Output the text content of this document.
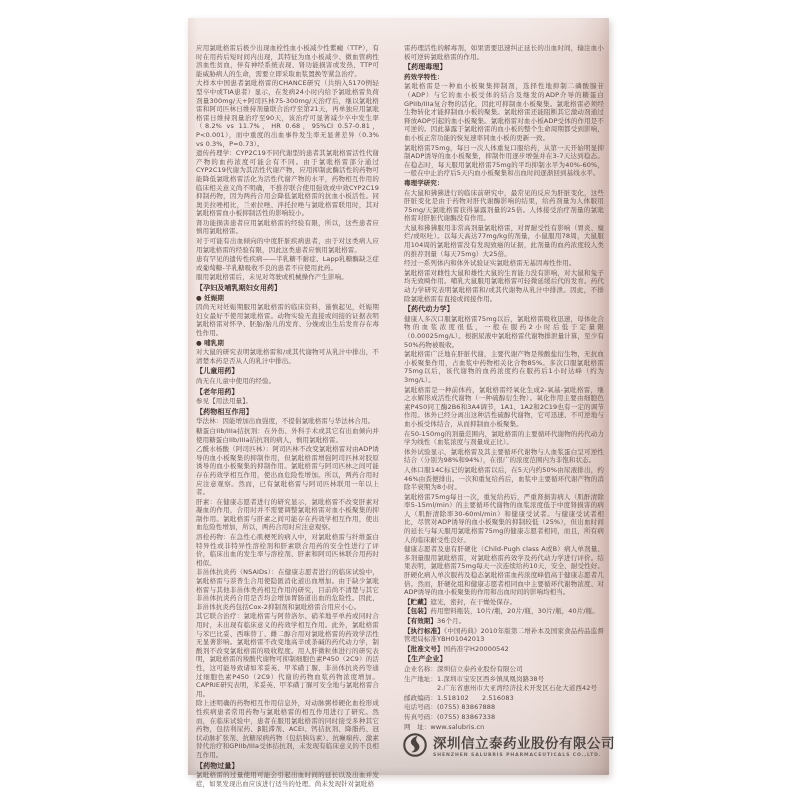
应用氯吡格雷后极少出现血栓性血小板减少性紫癜（TTP），有时在用药后短时间内出现，其特征为血小板减少、微血管病性溶血性贫血，伴有神经系统表现、肾功能损害或发热，TTP可能威胁病人的生命，需要立即采取血浆置换等紧急治疗。
大样本中国患者氯吡格雷的CHANCE研究（共纳入5170例轻型卒中或TIA患者）显示，在发病24小时内给予氯吡格雷负荷剂量300mg/天+阿司匹林75-300mg/天治疗后，继以氯吡格雷和阿司匹林日维持剂量联合治疗至第21天，再单独应用氯吡格雷日维持剂量治疗至90天，该治疗可显著减少卒中发生率（8.2% vs 11.7%，HR 0.68，95%CI 0.57-0.81，P<0.001），而中重度的出血事件发生率无显著差异（0.3% vs 0.3%，P=0.73）。
遗传药理学：CYP2C19不同代谢型的患者其氯吡格雷活性代谢产物的血药浓度可能会有不同。由于氯吡格雷部分通过CYP2C19代谢为其活性代谢产物，应用抑制此酶活性的药物可能降低氯吡格雷活化为活性代谢产物的水平，药物相互作用的临床相关意义尚不明确，不推荐联合使用强效或中效CYP2C19抑制药物，因为两药合用会降低氯吡格雷的抗血小板活性。同奥美拉唑相比，兰索拉唑、泮托拉唑与氯吡格雷联用时，其对氯吡格雷血小板抑制活性的影响较小。
肾功能损害患者应用氯吡格雷的经验有限，所以，这些患者应慎用氯吡格雷。
对于可能有出血倾向的中度肝脏疾病患者，由于对这类病人应用氯吡格雷的经验有限，因此这类患者应慎用氯吡格雷。
患有罕见的遗传性疾病——半乳糖不耐症、Lapp乳糖酶缺乏症或葡萄糖-半乳糖吸收不良的患者不应使用此药。
服用氯吡格雷后，未见对驾驶或机械操作产生影响。
【孕妇及哺乳期妇女用药】
● 妊娠期
因尚无对妊娠期服用氯吡格雷的临床资料，谨慎起见，妊娠期妇女最好不使用氯吡格雷。动物实验无直接或间接的证据表明氯吡格雷对怀孕、胚胎/胎儿的发育、分娩或出生后发育存在毒性作用。
● 哺乳期
对大鼠的研究表明氯吡格雷和/或其代谢物可从乳汁中排出，不清楚本药是否从人的乳汁中排出。
【儿童用药】
尚无在儿童中使用的经验。
【老年用药】
参见【用法用量】。
【药物相互作用】
华法林：因能增加出血强度，不提倡氯吡格雷与华法林合用。
糖蛋白IIb/IIIa拮抗剂：在外伤、外科手术或其它有出血倾向并使用糖蛋白IIb/IIIa拮抗剂的病人，慎用氯吡格雷。
乙酰水杨酸（阿司匹林）：阿司匹林不改变氯吡格雷对由ADP诱导的血小板聚集的抑制作用，但氯吡格雷增强阿司匹林对胶原诱导的血小板聚集的抑制作用。氯吡格雷与阿司匹林之间可能存在药效学相互作用，使出血危险性增加。所以，两药合用时应注意观察。然而，已有氯吡格雷与阿司匹林联用一年以上者。
肝素：在健康志愿者进行的研究显示，氯吡格雷不改变肝素对凝血的作用，合用时并不需要调整氯吡格雷对血小板聚集的抑制作用。氯吡格雷与肝素之间可能存在药效学相互作用，使出血危险性增加，所以，两药合用时应注意观察。
溶栓药物：在急性心肌梗死的病人中，对氯吡格雷与纤维蛋白特异性或非特异性溶栓剂和肝素联合用药的安全性进行了评价，临床出血的发生率与溶栓剂、肝素和阿司匹林联合用药时相似。
非甾体抗炎药（NSAIDs）：在健康志愿者进行的临床试验中，氯吡格雷与萘普生合用使隐匿消化道出血增加。由于缺少氯吡格雷与其他非甾体类药相互作用的研究，目前尚不清楚与其它非甾体抗炎药合用是否均会增加胃肠道出血的危险性。因此，非甾体抗炎药包括Cox-2抑制剂和氯吡格雷合用应小心。
其它联合治疗：氯吡格雷与阿替洛尔、硝苯地平单药或同时合用时，未出现有临床意义的药效学相互作用。此外，氯吡格雷与苯巴比妥、西咪替丁、雌二醇合用对氯吡格雷的药效学活性无显著影响。氯吡格雷不改变地高辛或茶碱的药代动力学，制酸剂不改变氯吡格雷的吸收程度。用人肝微粒体进行的研究表明，氯吡格雷的羧酸代谢物可抑制细胞色素P450（2C9）的活性，这可能导致诸如苯妥英、甲苯磺丁脲、非甾体抗炎药等通过细胞色素P450（2C9）代谢的药物血浆药物浓度增加。CAPRIE研究表明，苯妥英、甲苯磺丁脲可安全地与氯吡格雷合用。
除上述明确的药物相互作用信息外，对动脉粥样硬化血栓形成性疾病患者常用药物与氯吡格雷的相互作用进行了研究。然而，在临床试验中，患者在服用氯吡格雷的同时接受多种其它药物，包括利尿药、β阻滞剂、ACEI、钙拮抗剂、降脂药、冠状动脉扩张剂、抗糖尿病药物（包括胰岛素）、抗癫痫药、激素替代治疗和GPIIb/IIIa受体拮抗剂，未发现有临床意义的不良相互作用。
【药物过量】
氯吡格雷的过量使用可能会引起出血时间的延长以及出血并发症，如果发现出血应该进行适当的处理。尚未发现针对氯吡格
雷药理活性的解毒剂，如果需要迅速纠正延长的出血时间，输注血小板可逆转氯吡格雷的作用。
【药理毒理】
药效学特性：
氯吡格雷是一种血小板聚集抑制剂，选择性地抑制二磷酸腺苷（ADP）与它的血小板受体的结合及继发的ADP介导的糖蛋白GPIIb/IIIa复合物的活化，因此可抑制血小板聚集。氯吡格雷必须经生物转化才能抑制血小板的聚集。氯吡格雷还能阻断其它激动剂通过释放ADP引起的血小板聚集。氯吡格雷对血小板ADP受体的作用是不可逆的。因此暴露于氯吡格雷的血小板的整个生命周期都受到影响，血小板正常功能的恢复速率同血小板的更新一致。
氯吡格雷75mg，每日一次人体重复口服给药，从第一天开始明显抑制ADP诱导的血小板聚集，抑制作用逐步增强并在3-7天达到稳态。在稳态时，每天服用氯吡格雷75mg的平均抑制水平为40%-60%，一般在中止治疗后5天内血小板聚集和出血时间逐渐回到基线水平。
毒理学研究：
在大鼠和狒狒进行的临床前研究中，最常见的反应为肝脏变化，这些肝脏变化是由于药物对肝代谢酶影响的结果，给药剂量为人体服用75mg/天氯吡格雷获得暴露剂量的25倍。人体接受治疗剂量的氯吡格雷对肝脏代谢酶没有作用。
大鼠和狒狒服用非常高剂量氯吡格雷，对胃耐受性有影响（胃炎、糜烂/或呕吐）。以每天高达77mg/kg的剂量，小鼠服用78周，大鼠服用104周的氯吡格雷没有发现致癌的证据，此剂量的血药浓度较人类的推荐剂量（每天75mg）大25倍。
经过一系列体内和体外试验证实氯吡格雷无基因毒性作用。
氯吡格雷对雌性大鼠和雄性大鼠的生育能力没有影响，对大鼠和兔子均无致畸作用。哺乳大鼠服用氯吡格雷可轻微延缓后代的发育。药代动力学研究表明氯吡格雷和/或其代谢物从乳汁中排泄。因此，不排除氯吡格雷有直接或间接作用。
【药代动力学】
健康人多次口服氯吡格雷75mg以后，氯吡格雷吸收迅速，母体化合物的血浆浓度很低，一般在服药2小时后低于定量限（0.00025mg/L）。根据尿液中氯吡格雷代谢物排泄量计算，至少有50%药物被吸收。
氯吡格雷广泛地在肝脏代谢，主要代谢产物是羧酸盐衍生物，无抗血小板聚集作用，占血浆中药物相关化合物85%。多次口服氯吡格雷75mg以后，该代谢物的血药浓度约在服药后1小时达峰（约为3mg/L）。
氯吡格雷是一种前体药，氯吡格雷经氧化生成2-氧基-氯吡格雷，继之水解形成活性代谢物（一种硫醇衍生物）。氧化作用主要由细胞色素P450同工酶2B6和3A4调节，1A1、1A2和2C19也有一定的调节作用。体外已经分离出这种活性硫醇代谢物，它可迅速、不可逆地与血小板受体结合，从而抑制血小板聚集。
在50-150mg的剂量范围内，氯吡格雷的主要循环代谢物的药代动力学为线性（血浆浓度与剂量成正比）。
体外试验显示，氯吡格雷及其主要循环代谢物与人血浆蛋白呈可逆性结合（分别为98%和94%），在很广的浓度范围内为非饱和状态。
人体口服14C标记的氯吡格雷以后，在5天内约50%由尿液排出，约46%由粪便排出。一次和重复给药后，血浆中主要循环代谢产物的消除半衰期为8小时。
氯吡格雷75mg每日一次，重复给药后，严重肾损害病人（肌酐清除率5-15ml/min）的主要循环代谢物的血浆浓度低于中度肾损害的病人（肌酐清除率30-60ml/min）和健康受试者。与健康受试者相比，尽管对ADP诱导的血小板聚集的抑制较低（25%），但出血时间的延长与每天服用氯吡格雷75mg的健康志愿者相同，而且，所有病人的临床耐受性良好。
健康志愿者及患有肝硬化（Child-Pugh class A或B）病人单剂量、多剂量服用氯吡格雷，对氯吡格雷药效学及药代动力学进行评价。结果表明，氯吡格雷75mg每天一次连续给药10天，安全、耐受性好。肝硬化病人单次服药及稳态氯吡格雷血药浓度峰值高于健康志愿者几倍。然而，肝硬化组和健康志愿者相同血中主要循环代谢物浓度、对ADP诱导的血小板聚集的作用和出血时间的影响均相当。
【贮藏】遮光，密封，在干燥处保存。
【包装】药用塑料瓶装，10片/瓶，20片/瓶，30片/瓶，40片/瓶。
【有效期】36个月。
【执行标准】《中国药典》2010年版第二增补本及国家食品药品监督管理局标准YBH01042013
【批准文号】国药准字H20000542
【生产企业】
企业名称：深圳信立泰药业股份有限公司
生产地址：1.深圳市宝安区西乡镇凤凰岗路38号
　　　　　2.广东省惠州市大亚湾经济技术开发区石化大道西42号
邮政编码：1.518102　　2.516083
电话号码：(0755) 83867888
传真号码：(0755) 83867338
网　址：www.salubris.cn
深圳信立泰药业股份有限公司
SHENZHEN SALUBRIS PHARMACEUTICALS CO.,LTD.
